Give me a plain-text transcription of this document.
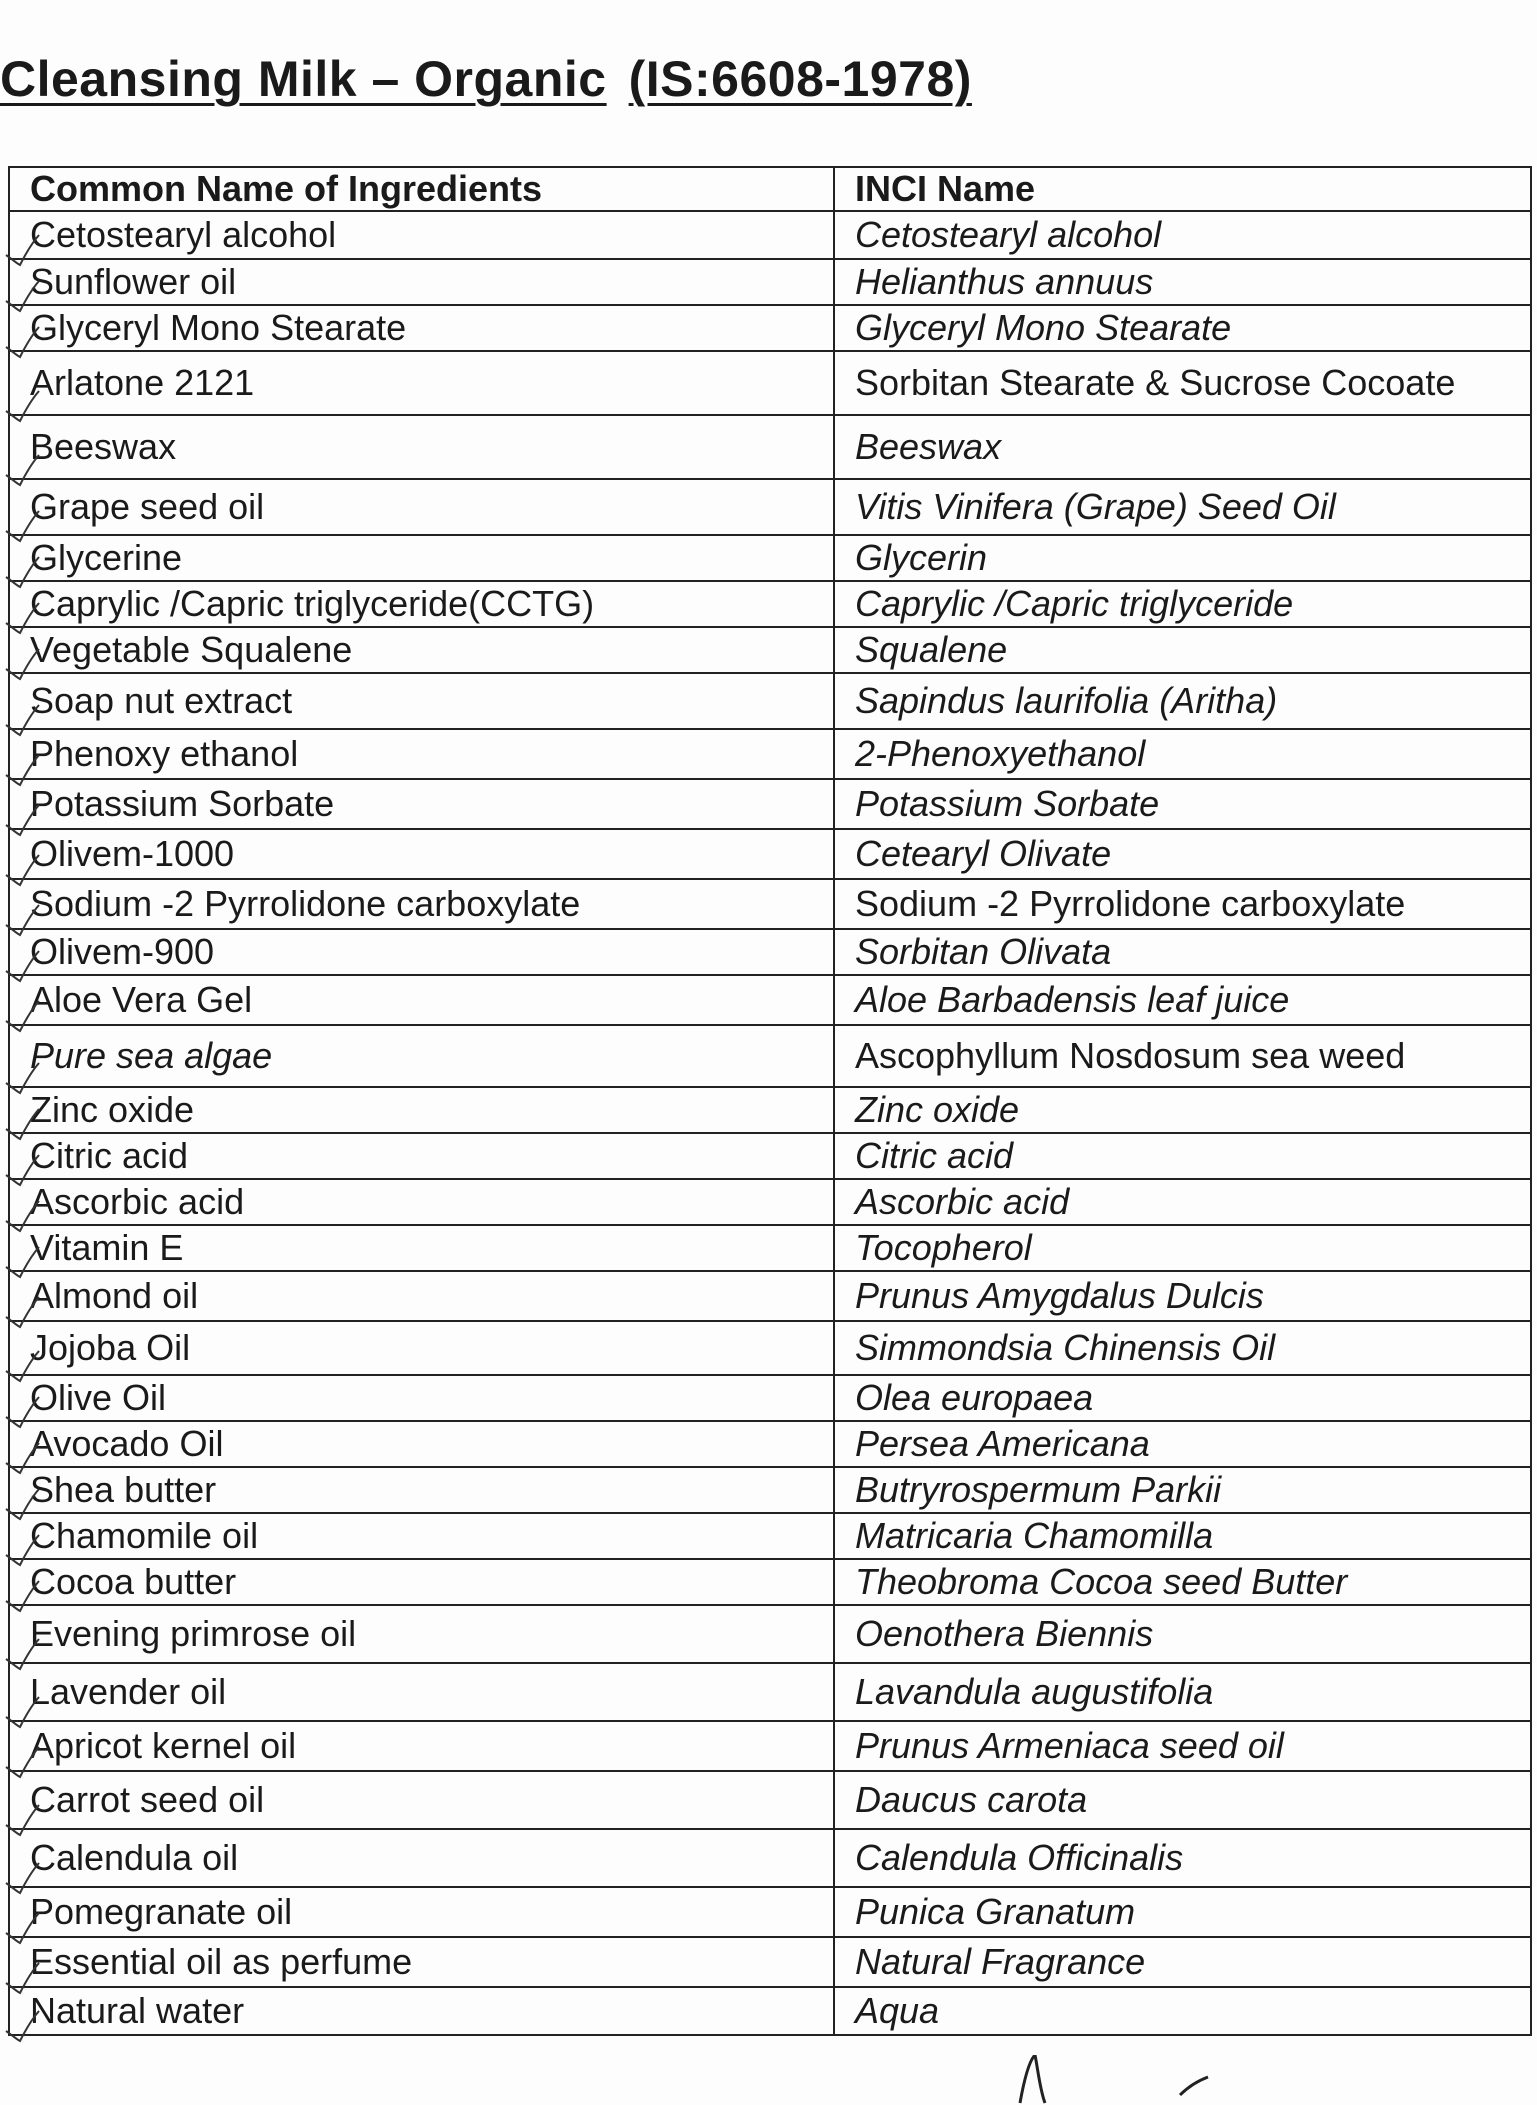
Cleansing Milk – Organic (IS:6608-1978)
Common Name of Ingredients	INCI Name
Cetostearyl alcohol	Cetostearyl alcohol
Sunflower oil	Helianthus annuus
Glyceryl Mono Stearate	Glyceryl Mono Stearate
Arlatone 2121	Sorbitan Stearate & Sucrose Cocoate
Beeswax	Beeswax
Grape seed oil	Vitis Vinifera (Grape) Seed Oil
Glycerine	Glycerin
Caprylic /Capric triglyceride(CCTG)	Caprylic /Capric triglyceride
Vegetable Squalene	Squalene
Soap nut extract	Sapindus laurifolia (Aritha)
Phenoxy ethanol	2-Phenoxyethanol
Potassium Sorbate	Potassium Sorbate
Olivem-1000	Cetearyl Olivate
Sodium -2 Pyrrolidone carboxylate	Sodium -2 Pyrrolidone carboxylate
Olivem-900	Sorbitan Olivata
Aloe Vera Gel	Aloe Barbadensis leaf juice
Pure sea algae	Ascophyllum Nosdosum sea weed
Zinc oxide	Zinc oxide
Citric acid	Citric acid
Ascorbic acid	Ascorbic acid
Vitamin E	Tocopherol
Almond oil	Prunus Amygdalus Dulcis
Jojoba Oil	Simmondsia Chinensis Oil
Olive Oil	Olea europaea
Avocado Oil	Persea Americana
Shea butter	Butryrospermum Parkii
Chamomile oil	Matricaria Chamomilla
Cocoa butter	Theobroma Cocoa seed Butter
Evening primrose oil	Oenothera Biennis
Lavender oil	Lavandula augustifolia
Apricot kernel oil	Prunus Armeniaca seed oil
Carrot seed oil	Daucus carota
Calendula oil	Calendula Officinalis
Pomegranate oil	Punica Granatum
Essential oil as perfume	Natural Fragrance
Natural water	Aqua
